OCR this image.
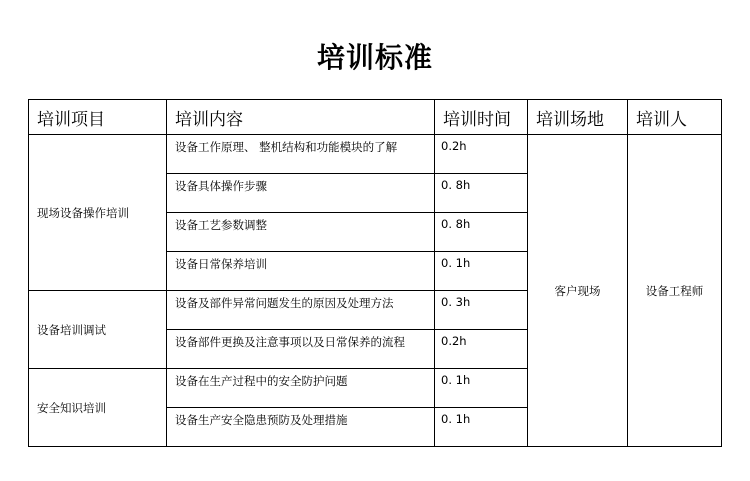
培训标准
培训项目	培训内容	培训时间	培训场地	培训人
现场设备操作培训	设备工作原理、 整机结构和功能模块的了解	0.2h	客户现场	设备工程师
	设备具体操作步骤	0. 8h		
	设备工艺参数调整	0. 8h		
	设备日常保养培训	0. 1h		
设备培训调试	设备及部件异常问题发生的原因及处理方法	0. 3h		
	设备部件更换及注意事项以及日常保养的流程	0.2h		
安全知识培训	设备在生产过程中的安全防护问题	0. 1h		
	设备生产安全隐患预防及处理措施	0. 1h		
